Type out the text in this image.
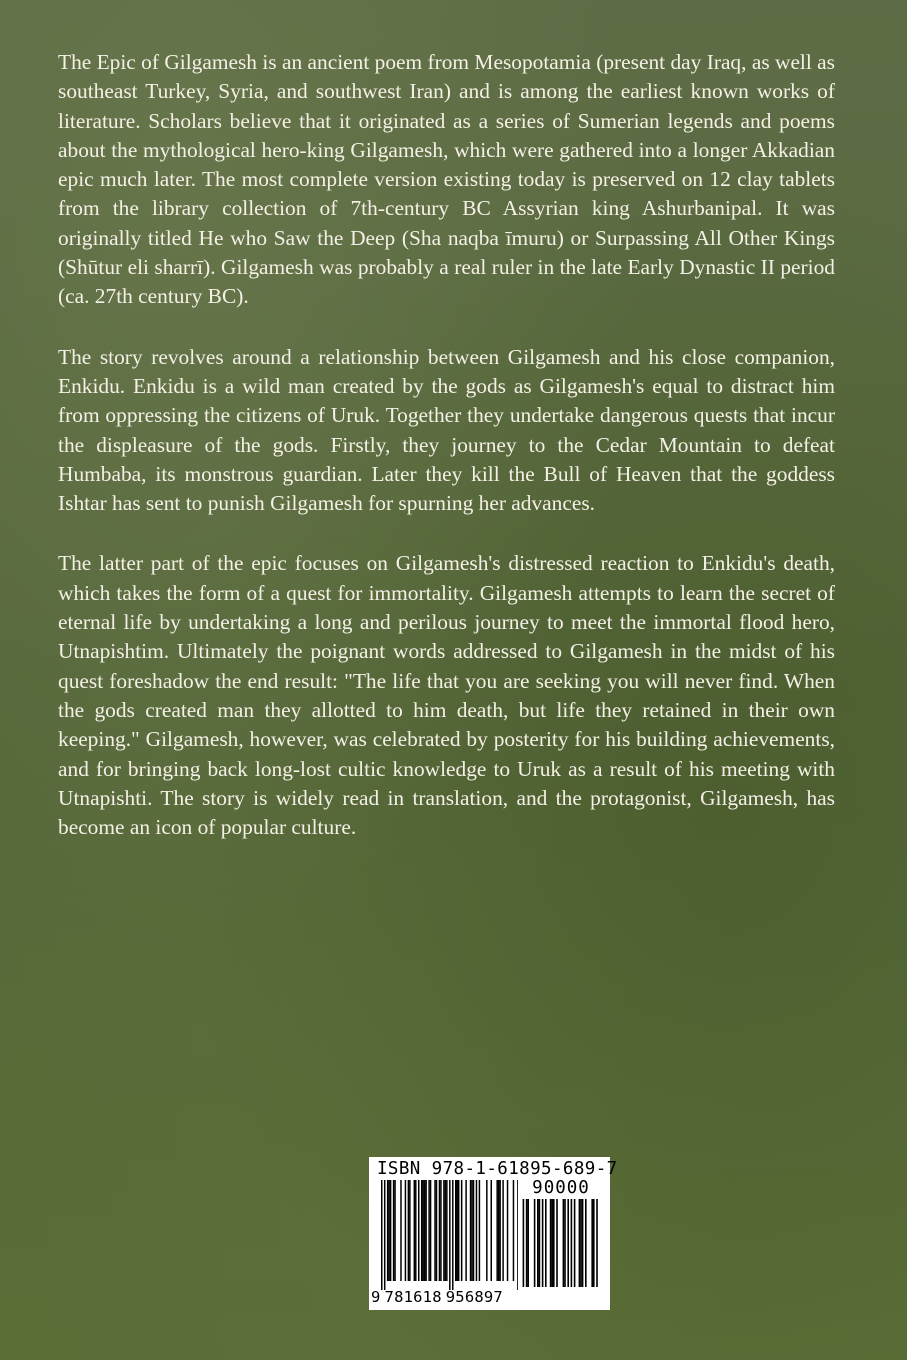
The Epic of Gilgamesh is an ancient poem from Mesopotamia (present day Iraq, as well as southeast Turkey, Syria, and southwest Iran) and is among the earliest known works of literature. Scholars believe that it originated as a series of Sumerian legends and poems about the mythological hero-king Gilgamesh, which were gathered into a longer Akkadian epic much later. The most complete version existing today is preserved on 12 clay tablets from the library collection of 7th-century BC Assyrian king Ashurbanipal. It was originally titled He who Saw the Deep (Sha naqba īmuru) or Surpassing All Other Kings (Shūtur eli sharrī). Gilgamesh was probably a real ruler in the late Early Dynastic II period (ca. 27th century BC).

The story revolves around a relationship between Gilgamesh and his close companion, Enkidu. Enkidu is a wild man created by the gods as Gilgamesh's equal to distract him from oppressing the citizens of Uruk. Together they undertake dangerous quests that incur the displeasure of the gods. Firstly, they journey to the Cedar Mountain to defeat Humbaba, its monstrous guardian. Later they kill the Bull of Heaven that the goddess Ishtar has sent to punish Gilgamesh for spurning her advances.

The latter part of the epic focuses on Gilgamesh's distressed reaction to Enkidu's death, which takes the form of a quest for immortality. Gilgamesh attempts to learn the secret of eternal life by undertaking a long and perilous journey to meet the immortal flood hero, Utnapishtim. Ultimately the poignant words addressed to Gilgamesh in the midst of his quest foreshadow the end result: "The life that you are seeking you will never find. When the gods created man they allotted to him death, but life they retained in their own keeping." Gilgamesh, however, was celebrated by posterity for his building achievements, and for bringing back long-lost cultic knowledge to Uruk as a result of his meeting with Utnapishti. The story is widely read in translation, and the protagonist, Gilgamesh, has become an icon of popular culture.

ISBN 978-1-61895-689-7
90000
9 781618 956897
